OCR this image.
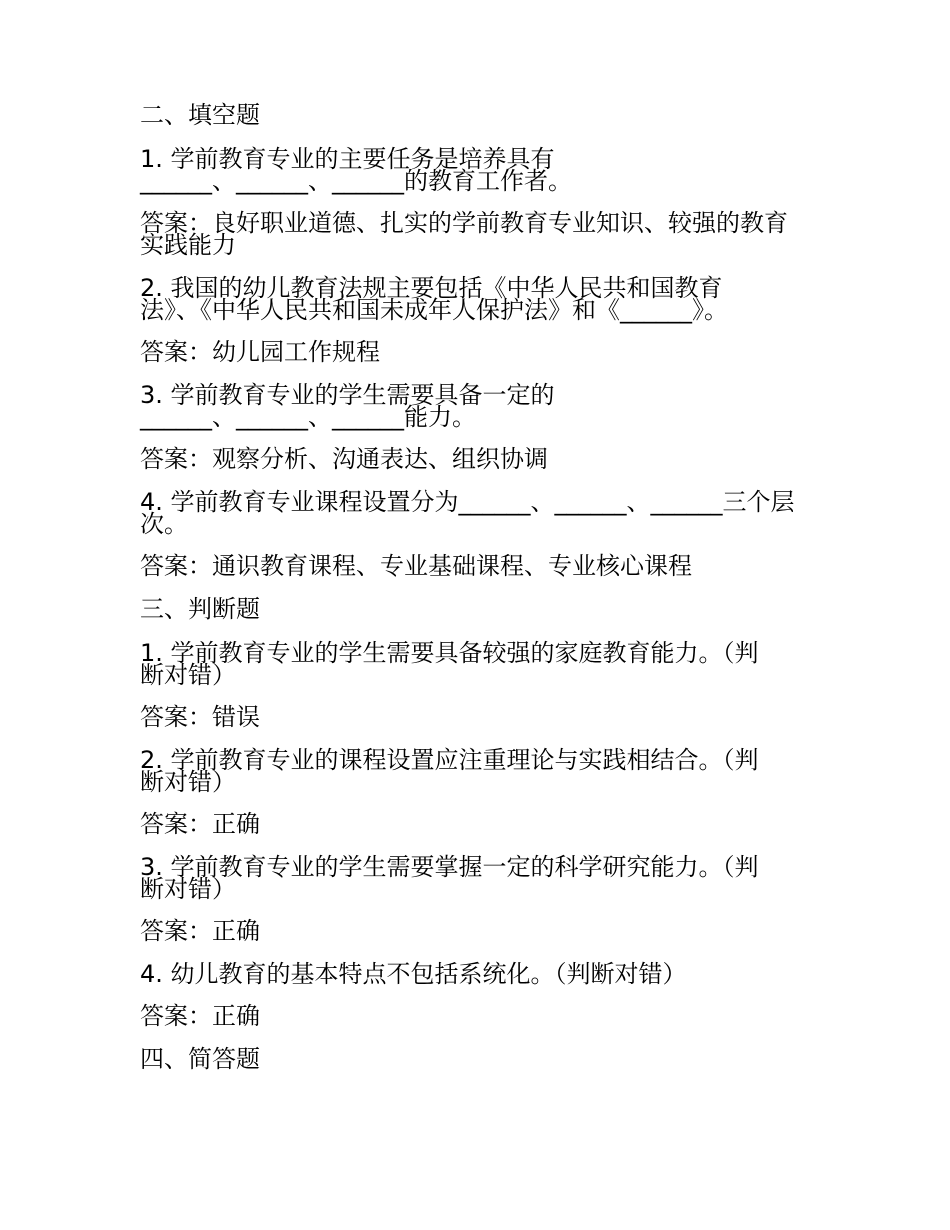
二、填空题

1. 学前教育专业的主要任务是培养具有

______、______、______的教育工作者。

答案：良好职业道德、扎实的学前教育专业知识、较强的教育

实践能力

2. 我国的幼儿教育法规主要包括《中华人民共和国教育

法》、《中华人民共和国未成年人保护法》和《______》。

答案：幼儿园工作规程

3. 学前教育专业的学生需要具备一定的

______、______、______能力。

答案：观察分析、沟通表达、组织协调

4. 学前教育专业课程设置分为______、______、______三个层

次。

答案：通识教育课程、专业基础课程、专业核心课程

三、判断题

1. 学前教育专业的学生需要具备较强的家庭教育能力。（判

断对错）

答案：错误

2. 学前教育专业的课程设置应注重理论与实践相结合。（判

断对错）

答案：正确

3. 学前教育专业的学生需要掌握一定的科学研究能力。（判

断对错）

答案：正确

4. 幼儿教育的基本特点不包括系统化。（判断对错）

答案：正确

四、简答题
